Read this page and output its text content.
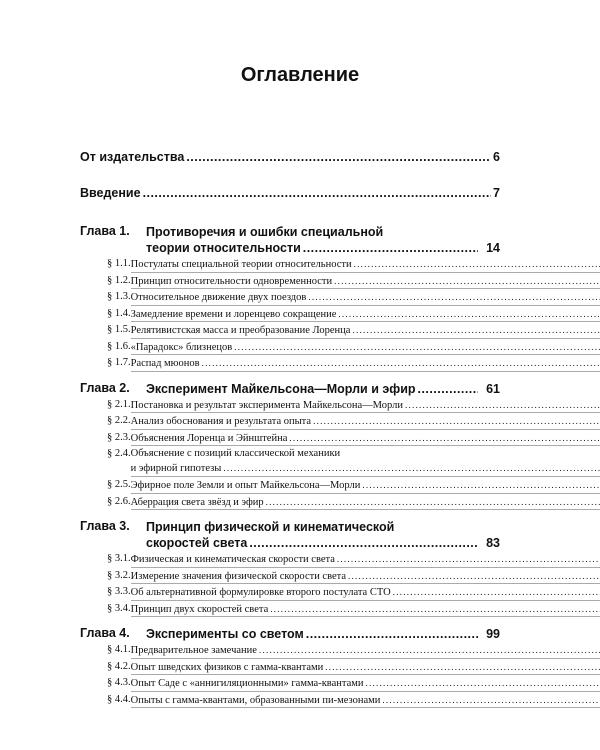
Оглавление
От издательства . . .	6
Введение . . .	7
Глава 1. Противоречия и ошибки специальной
теории относительности . . .	14
§ 1.1. Постулаты специальной теории относительности
. . .
§ 1.2. Принцип относительности одновременности
. . .
§ 1.3. Относительное движение двух поездов
. . .
§ 1.4. Замедление времени и лоренцево сокращение
. . .
§ 1.5. Релятивистская масса и преобразование Лоренца
. . .
§ 1.6. «Парадокс» близнецов
. . .
§ 1.7. Распад мюонов
. . .
Глава 2. Эксперимент Майкельсона—Морли и эфир . . .	61
§ 2.1. Постановка и результат эксперимента Майкельсона—Морли
. . .
§ 2.2. Анализ обоснования и результата опыта
. . .
§ 2.3. Объяснения Лоренца и Эйнштейна
. . .
§ 2.4. Объяснение с позиций классической механики
и эфирной гипотезы
. . .
§ 2.5. Эфирное поле Земли и опыт Майкельсона—Морли
. . .
§ 2.6. Аберрация света звёзд и эфир
. . .
Глава 3. Принцип физической и кинематической
скоростей света . . .	83
§ 3.1. Физическая и кинематическая скорости света
. . .
§ 3.2. Измерение значения физической скорости света
. . .
§ 3.3. Об альтернативной формулировке второго постулата СТО
. . .
§ 3.4. Принцип двух скоростей света
. . .
Глава 4. Эксперименты со светом . . .	99
§ 4.1. Предварительное замечание
. . .
§ 4.2. Опыт шведских физиков с гамма-квантами
. . .
§ 4.3. Опыт Саде с «аннигиляционными» гамма-квантами
. . .
§ 4.4. Опыты с гамма-квантами, образованными пи-мезонами
. . .
